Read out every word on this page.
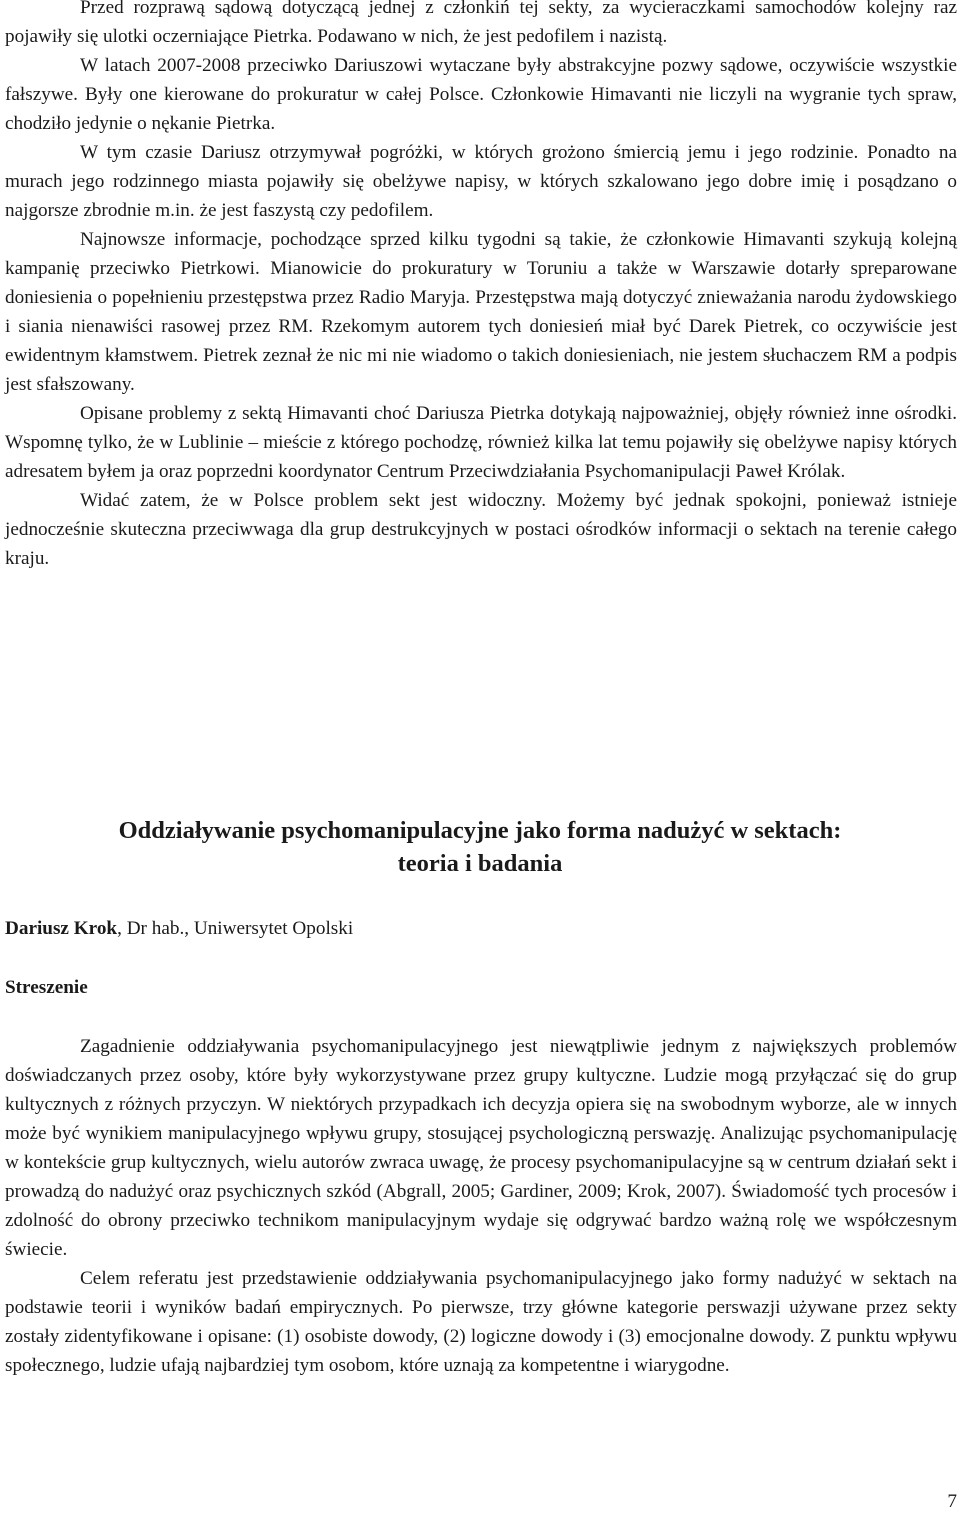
Przed rozprawą sądową dotyczącą jednej z członkiń tej sekty, za wycieraczkami samochodów kolejny raz pojawiły się ulotki oczerniające Pietrka. Podawano w nich, że jest pedofilem i nazistą.

W latach 2007-2008 przeciwko Dariuszowi wytaczane były abstrakcyjne pozwy sądowe, oczywiście wszystkie fałszywe. Były one kierowane do prokuratur w całej Polsce. Członkowie Himavanti nie liczyli na wygranie tych spraw, chodziło jedynie o nękanie Pietrka.

W tym czasie Dariusz otrzymywał pogróżki, w których grożono śmiercią jemu i jego rodzinie. Ponadto na murach jego rodzinnego miasta pojawiły się obelżywe napisy, w których szkalowano jego dobre imię i posądzano o najgorsze zbrodnie m.in. że jest faszystą czy pedofilem.

Najnowsze informacje, pochodzące sprzed kilku tygodni są takie, że członkowie Himavanti szykują kolejną kampanię przeciwko Pietrkowi. Mianowicie do prokuratury w Toruniu a także w Warszawie dotarły spreparowane doniesienia o popełnieniu przestępstwa przez Radio Maryja. Przestępstwa mają dotyczyć znieważania narodu żydowskiego i siania nienawiści rasowej przez RM. Rzekomym autorem tych doniesień miał być Darek Pietrek, co oczywiście jest ewidentnym kłamstwem. Pietrek zeznał że nic mi nie wiadomo o takich doniesieniach, nie jestem słuchaczem RM a podpis jest sfałszowany.

Opisane problemy z sektą Himavanti choć Dariusza Pietrka dotykają najpoważniej, objęły również inne ośrodki. Wspomnę tylko, że w Lublinie – mieście z którego pochodzę, również kilka lat temu pojawiły się obelżywe napisy których adresatem byłem ja oraz poprzedni koordynator Centrum Przeciwdziałania Psychomanipulacji Paweł Królak.

Widać zatem, że w Polsce problem sekt jest widoczny. Możemy być jednak spokojni, ponieważ istnieje jednocześnie skuteczna przeciwwaga dla grup destrukcyjnych w postaci ośrodków informacji o sektach na terenie całego kraju.

Oddziaływanie psychomanipulacyjne jako forma nadużyć w sektach:
teoria i badania

Dariusz Krok, Dr hab., Uniwersytet Opolski

Streszenie

Zagadnienie oddziaływania psychomanipulacyjnego jest niewątpliwie jednym z największych problemów doświadczanych przez osoby, które były wykorzystywane przez grupy kultyczne. Ludzie mogą przyłączać się do grup kultycznych z różnych przyczyn. W niektórych przypadkach ich decyzja opiera się na swobodnym wyborze, ale w innych może być wynikiem manipulacyjnego wpływu grupy, stosującej psychologiczną perswazję. Analizując psychomanipulację w kontekście grup kultycznych, wielu autorów zwraca uwagę, że procesy psychomanipulacyjne są w centrum działań sekt i prowadzą do nadużyć oraz psychicznych szkód (Abgrall, 2005; Gardiner, 2009; Krok, 2007). Świadomość tych procesów i zdolność do obrony przeciwko technikom manipulacyjnym wydaje się odgrywać bardzo ważną rolę we współczesnym świecie.

Celem referatu jest przedstawienie oddziaływania psychomanipulacyjnego jako formy nadużyć w sektach na podstawie teorii i wyników badań empirycznych. Po pierwsze, trzy główne kategorie perswazji używane przez sekty zostały zidentyfikowane i opisane: (1) osobiste dowody, (2) logiczne dowody i (3) emocjonalne dowody. Z punktu wpływu społecznego, ludzie ufają najbardziej tym osobom, które uznają za kompetentne i wiarygodne.

7
